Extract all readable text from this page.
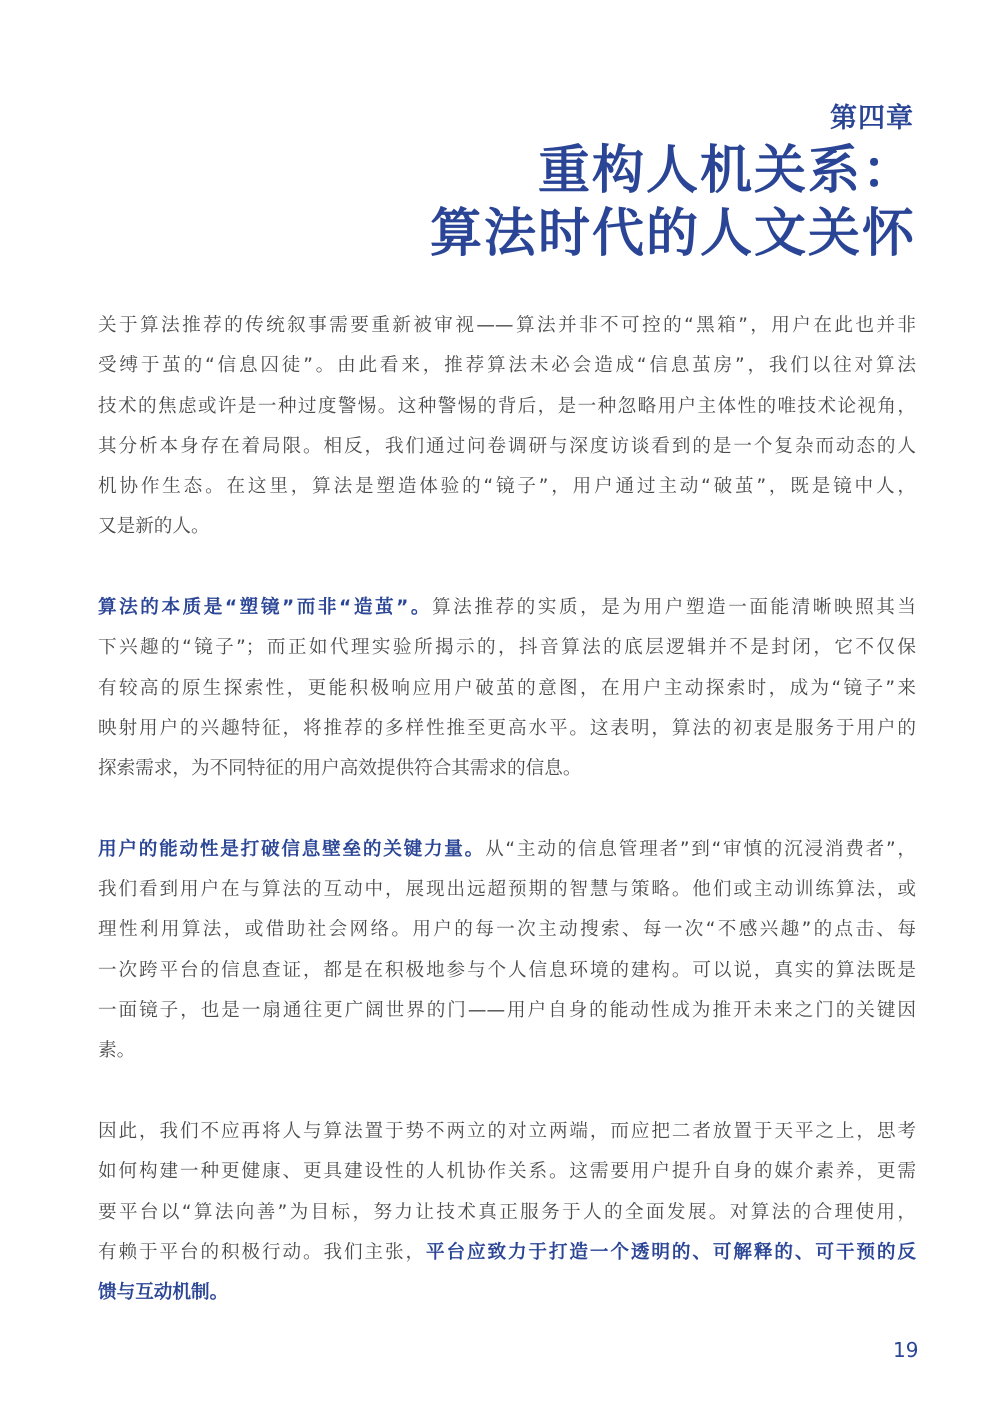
第四章
重构人机关系：
算法时代的人文关怀
关于算法推荐的传统叙事需要重新被审视——算法并非不可控的“黑箱”，用户在此也并非
受缚于茧的“信息囚徒”。由此看来，推荐算法未必会造成“信息茧房”，我们以往对算法
技术的焦虑或许是一种过度警惕。这种警惕的背后，是一种忽略用户主体性的唯技术论视角，
其分析本身存在着局限。相反，我们通过问卷调研与深度访谈看到的是一个复杂而动态的人
机协作生态。在这里，算法是塑造体验的“镜子”，用户通过主动“破茧”，既是镜中人，
又是新的人。
算法的本质是“塑镜”而非“造茧”。算法推荐的实质，是为用户塑造一面能清晰映照其当
下兴趣的“镜子”；而正如代理实验所揭示的，抖音算法的底层逻辑并不是封闭，它不仅保
有较高的原生探索性，更能积极响应用户破茧的意图，在用户主动探索时，成为“镜子”来
映射用户的兴趣特征，将推荐的多样性推至更高水平。这表明，算法的初衷是服务于用户的
探索需求，为不同特征的用户高效提供符合其需求的信息。
用户的能动性是打破信息壁垒的关键力量。从“主动的信息管理者”到“审慎的沉浸消费者”，
我们看到用户在与算法的互动中，展现出远超预期的智慧与策略。他们或主动训练算法，或
理性利用算法，或借助社会网络。用户的每一次主动搜索、每一次“不感兴趣”的点击、每
一次跨平台的信息查证，都是在积极地参与个人信息环境的建构。可以说，真实的算法既是
一面镜子，也是一扇通往更广阔世界的门——用户自身的能动性成为推开未来之门的关键因
素。
因此，我们不应再将人与算法置于势不两立的对立两端，而应把二者放置于天平之上，思考
如何构建一种更健康、更具建设性的人机协作关系。这需要用户提升自身的媒介素养，更需
要平台以“算法向善”为目标，努力让技术真正服务于人的全面发展。对算法的合理使用，
有赖于平台的积极行动。我们主张，平台应致力于打造一个透明的、可解释的、可干预的反
馈与互动机制。
19
